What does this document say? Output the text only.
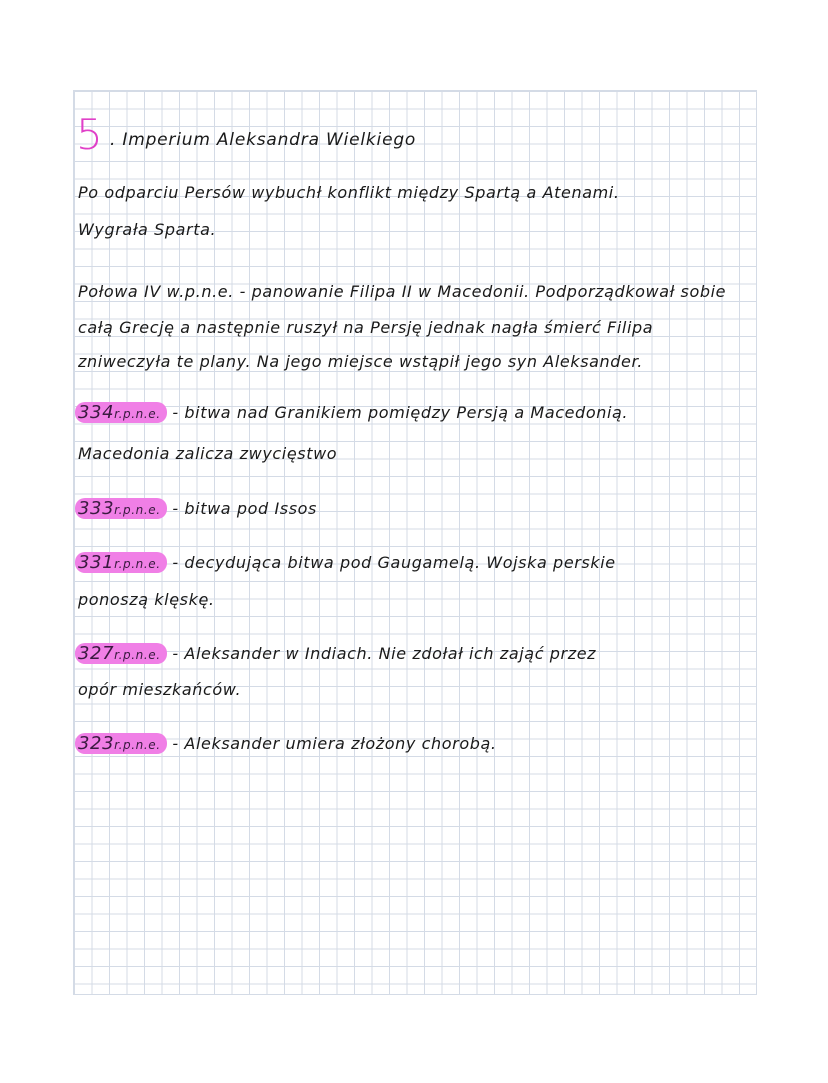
5 . Imperium Aleksandra Wielkiego
Po odparciu Persów wybuchł konflikt między Spartą a Atenami.
Wygrała Sparta.
Połowa IV w.p.n.e. - panowanie Filipa II w Macedonii. Podporządkował sobie
całą Grecję a następnie ruszył na Persję jednak nagła śmierć Filipa
zniweczyła te plany. Na jego miejsce wstąpił jego syn Aleksander.
334r.p.n.e. - bitwa nad Granikiem pomiędzy Persją a Macedonią.
Macedonia zalicza zwycięstwo
333r.p.n.e. - bitwa pod Issos
331r.p.n.e. - decydująca bitwa pod Gaugamelą. Wojska perskie
ponoszą klęskę.
327r.p.n.e. - Aleksander w Indiach. Nie zdołał ich zająć przez
opór mieszkańców.
323r.p.n.e. - Aleksander umiera złożony chorobą.
